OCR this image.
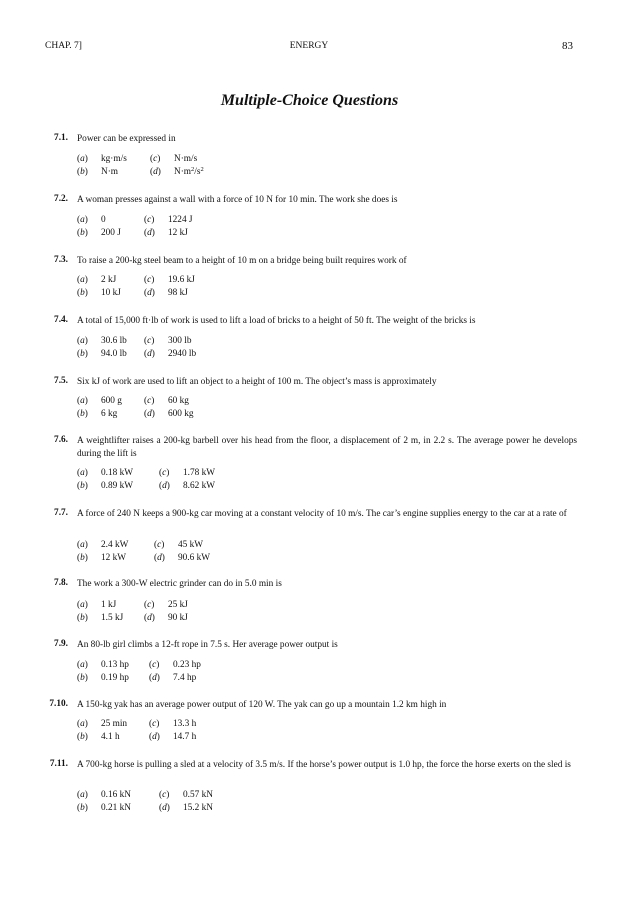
CHAP. 7]	ENERGY	83
Multiple-Choice Questions
7.1. Power can be expressed in
(a) kg·m/s
(b) N·m
(c) N·m/s
(d) $N\cdot m^2/s^2$
7.2. A woman presses against a wall with a force of 10 N for 10 min. The work she does is
(a) 0
(b) 200 J
(c) 1224 J
(d) 12 kJ
7.3. To raise a 200-kg steel beam to a height of 10 m on a bridge being built requires work of
(a) 2 kJ
(b) 10 kJ
(c) 19.6 kJ
(d) 98 kJ
7.4. A total of 15,000 ft·lb of work is used to lift a load of bricks to a height of 50 ft. The weight of the bricks is
(a) 30.6 lb
(b) 94.0 lb
(c) 300 lb
(d) 2940 lb
7.5. Six kJ of work are used to lift an object to a height of 100 m. The object’s mass is approximately
(a) 600 g
(b) 6 kg
(c) 60 kg
(d) 600 kg
7.6. A weightlifter raises a 200-kg barbell over his head from the floor, a displacement of 2 m, in 2.2 s. The average power he develops during the lift is
(a) 0.18 kW
(b) 0.89 kW
(c) 1.78 kW
(d) 8.62 kW
7.7. A force of 240 N keeps a 900-kg car moving at a constant velocity of 10 m/s. The car’s engine supplies energy to the car at a rate of
(a) 2.4 kW
(b) 12 kW
(c) 45 kW
(d) 90.6 kW
7.8. The work a 300-W electric grinder can do in 5.0 min is
(a) 1 kJ
(b) 1.5 kJ
(c) 25 kJ
(d) 90 kJ
7.9. An 80-lb girl climbs a 12-ft rope in 7.5 s. Her average power output is
(a) 0.13 hp
(b) 0.19 hp
(c) 0.23 hp
(d) 7.4 hp
7.10. A 150-kg yak has an average power output of 120 W. The yak can go up a mountain 1.2 km high in
(a) 25 min
(b) 4.1 h
(c) 13.3 h
(d) 14.7 h
7.11. A 700-kg horse is pulling a sled at a velocity of 3.5 m/s. If the horse’s power output is 1.0 hp, the force the horse exerts on the sled is
(a) 0.16 kN
(b) 0.21 kN
(c) 0.57 kN
(d) 15.2 kN
